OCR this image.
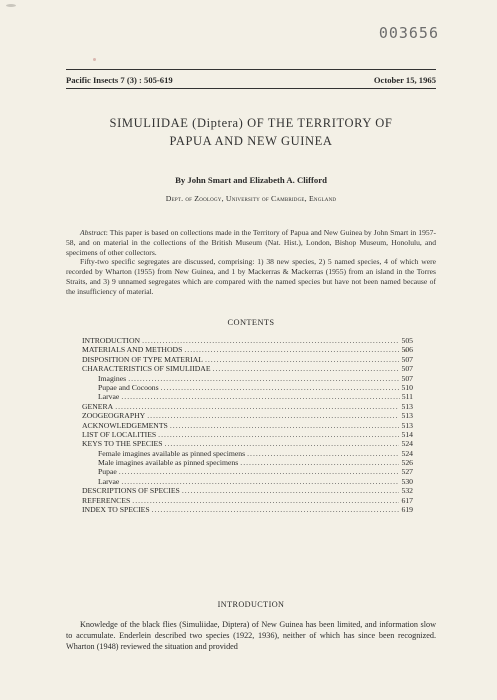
003656
Pacific Insects 7 (3) : 505-619	October 15, 1965
SIMULIIDAE (Diptera) OF THE TERRITORY OF
PAPUA AND NEW GUINEA
By John Smart and Elizabeth A. Clifford
Dept. of Zoology, University of Cambridge, England

Abstract: This paper is based on collections made in the Territory of Papua and New Guinea by John Smart in 1957-58, and on material in the collections of the British Museum (Nat. Hist.), London, Bishop Museum, Honolulu, and specimens of other collectors.

Fifty-two specific segregates are discussed, comprising: 1) 38 new species, 2) 5 named species, 4 of which were recorded by Wharton (1955) from New Guinea, and 1 by Mackerras & Mackerras (1955) from an island in the Torres Straits, and 3) 9 unnamed segregates which are compared with the named species but have not been named because of the insufficiency of material.

CONTENTS
INTRODUCTION .....	505
MATERIALS AND METHODS .....	506
DISPOSITION OF TYPE MATERIAL .....	507
CHARACTERISTICS OF SIMULIIDAE .....	507
Imagines .....	507
Pupae and Cocoons .....	510
Larvae .....	511
GENERA .....	513
ZOOGEOGRAPHY .....	513
ACKNOWLEDGEMENTS .....	513
LIST OF LOCALITIES .....	514
KEYS TO THE SPECIES .....	524
Female imagines available as pinned specimens .....	524
Male imagines available as pinned specimens .....	526
Pupae .....	527
Larvae .....	530
DESCRIPTIONS OF SPECIES .....	532
REFERENCES .....	617
INDEX TO SPECIES .....	619
INTRODUCTION

Knowledge of the black flies (Simuliidae, Diptera) of New Guinea has been limited, and information slow to accumulate. Enderlein described two species (1922, 1936), neither of which has since been recognized. Wharton (1948) reviewed the situation and provided
